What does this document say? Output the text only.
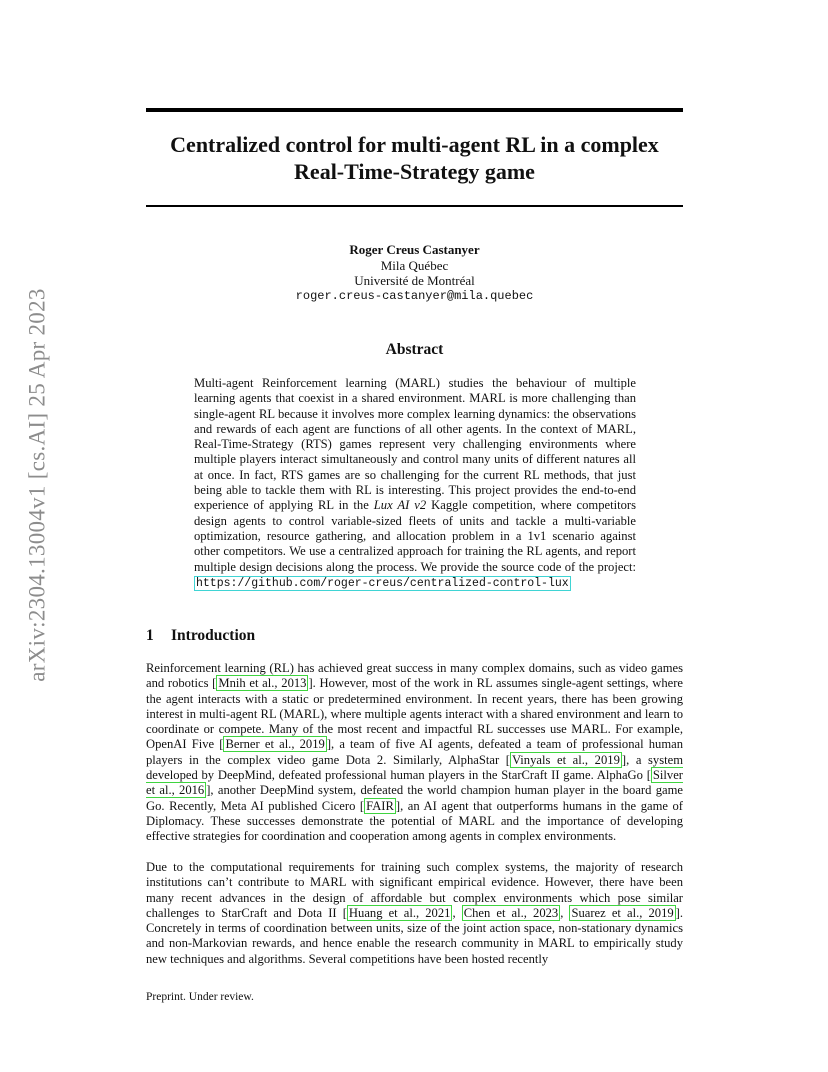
arXiv:2304.13004v1 [cs.AI] 25 Apr 2023
Centralized control for multi-agent RL in a complex Real-Time-Strategy game
Roger Creus Castanyer
Mila Québec
Université de Montréal
roger.creus-castanyer@mila.quebec
Abstract
Multi-agent Reinforcement learning (MARL) studies the behaviour of multiple learning agents that coexist in a shared environment. MARL is more challenging than single-agent RL because it involves more complex learning dynamics: the observations and rewards of each agent are functions of all other agents. In the context of MARL, Real-Time-Strategy (RTS) games represent very challenging environments where multiple players interact simultaneously and control many units of different natures all at once. In fact, RTS games are so challenging for the current RL methods, that just being able to tackle them with RL is interesting. This project provides the end-to-end experience of applying RL in the Lux AI v2 Kaggle competition, where competitors design agents to control variable-sized fleets of units and tackle a multi-variable optimization, resource gathering, and allocation problem in a 1v1 scenario against other competitors. We use a centralized approach for training the RL agents, and report multiple design decisions along the process. We provide the source code of the project: https://github.com/roger-creus/centralized-control-lux
1 Introduction

Reinforcement learning (RL) has achieved great success in many complex domains, such as video games and robotics [ Mnih et al., 2013 ]. However, most of the work in RL assumes single-agent settings, where the agent interacts with a static or predetermined environment. In recent years, there has been growing interest in multi-agent RL (MARL), where multiple agents interact with a shared environment and learn to coordinate or compete. Many of the most recent and impactful RL successes use MARL. For example, OpenAI Five [ Berner et al., 2019 ], a team of five AI agents, defeated a team of professional human players in the complex video game Dota 2. Similarly, AlphaStar [ Vinyals et al., 2019 ], a system developed by DeepMind, defeated professional human players in the StarCraft II game. AlphaGo [ Silver et al., 2016 ], another DeepMind system, defeated the world champion human player in the board game Go. Recently, Meta AI published Cicero [ FAIR ], an AI agent that outperforms humans in the game of Diplomacy. These successes demonstrate the potential of MARL and the importance of developing effective strategies for coordination and cooperation among agents in complex environments.

Due to the computational requirements for training such complex systems, the majority of research institutions can’t contribute to MARL with significant empirical evidence. However, there have been many recent advances in the design of affordable but complex environments which pose similar challenges to StarCraft and Dota II [ Huang et al., 2021 , Chen et al., 2023 , Suarez et al., 2019 ]. Concretely in terms of coordination between units, size of the joint action space, non-stationary dynamics and non-Markovian rewards, and hence enable the research community in MARL to empirically study new techniques and algorithms. Several competitions have been hosted recently

Preprint. Under review.
